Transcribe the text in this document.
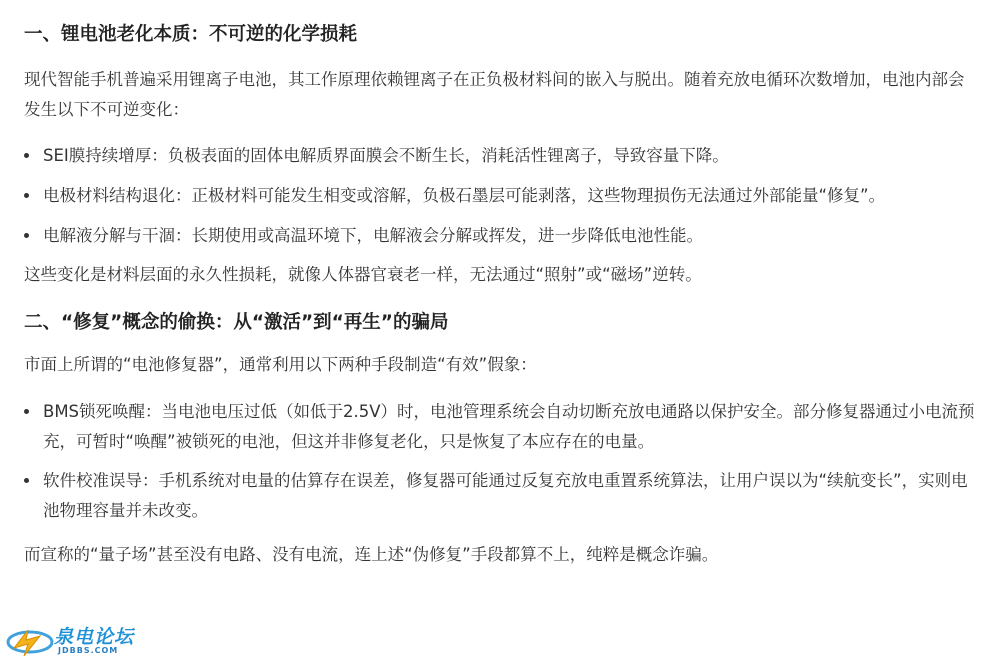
一、锂电池老化本质：不可逆的化学损耗

现代智能手机普遍采用锂离子电池，其工作原理依赖锂离子在正负极材料间的嵌入与脱出。随着充放电循环次数增加，电池内部会发生以下不可逆变化：

SEI膜持续增厚：负极表面的固体电解质界面膜会不断生长，消耗活性锂离子，导致容量下降。
电极材料结构退化：正极材料可能发生相变或溶解，负极石墨层可能剥落，这些物理损伤无法通过外部能量“修复”。
电解液分解与干涸：长期使用或高温环境下，电解液会分解或挥发，进一步降低电池性能。

这些变化是材料层面的永久性损耗，就像人体器官衰老一样，无法通过“照射”或“磁场”逆转。

二、“修复”概念的偷换：从“激活”到“再生”的骗局

市面上所谓的“电池修复器”，通常利用以下两种手段制造“有效”假象：

BMS锁死唤醒：当电池电压过低（如低于2.5V）时，电池管理系统会自动切断充放电通路以保护安全。部分修复器通过小电流预充，可暂时“唤醒”被锁死的电池，但这并非修复老化，只是恢复了本应存在的电量。
软件校准误导：手机系统对电量的估算存在误差，修复器可能通过反复充放电重置系统算法，让用户误以为“续航变长”，实则电池物理容量并未改变。

而宣称的“量子场”甚至没有电路、没有电流，连上述“伪修复”手段都算不上，纯粹是概念诈骗。

泉电论坛
JDBBS.COM
